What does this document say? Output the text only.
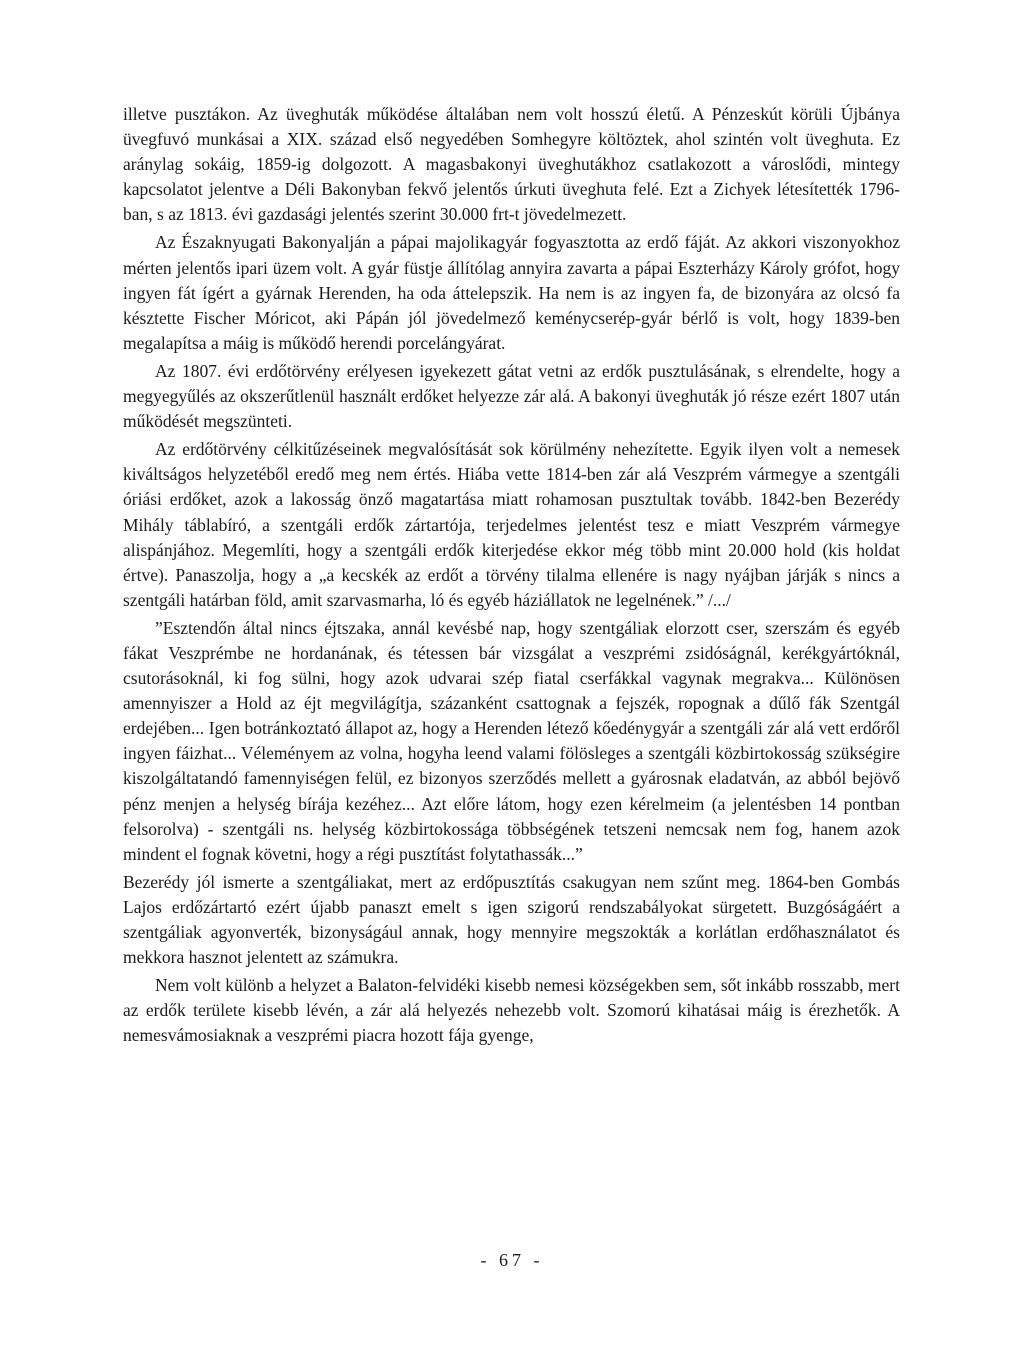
illetve pusztákon. Az üveghuták működése általában nem volt hosszú életű. A Pénzeskút körüli Újbánya üvegfuvó munkásai a XIX. század első negyedében Somhegyre költöztek, ahol szintén volt üveghuta. Ez aránylag sokáig, 1859-ig dolgozott. A magasbakonyi üveghutákhoz csatlakozott a városlődi, mintegy kapcsolatot jelentve a Déli Bakonyban fekvő jelentős úrkuti üveghuta felé. Ezt a Zichyek létesítették 1796-ban, s az 1813. évi gazdasági jelentés szerint 30.000 frt-t jövedelmezett.

Az Északnyugati Bakonyalján a pápai majolikagyár fogyasztotta az erdő fáját. Az akkori viszonyokhoz mérten jelentős ipari üzem volt. A gyár füstje állítólag annyira zavarta a pápai Eszterházy Károly grófot, hogy ingyen fát ígért a gyárnak Herenden, ha oda áttelepszik. Ha nem is az ingyen fa, de bizonyára az olcsó fa késztette Fischer Móricot, aki Pápán jól jövedelmező keménycserép-gyár bérlő is volt, hogy 1839-ben megalapítsa a máig is működő herendi porcelángyárat.

Az 1807. évi erdőtörvény erélyesen igyekezett gátat vetni az erdők pusztulásának, s elrendelte, hogy a megyegyűlés az okszerűtlenül használt erdőket helyezze zár alá. A bakonyi üveghuták jó része ezért 1807 után működését megszünteti.

Az erdőtörvény célkitűzéseinek megvalósítását sok körülmény nehezítette. Egyik ilyen volt a nemesek kiváltságos helyzetéből eredő meg nem értés. Hiába vette 1814-ben zár alá Veszprém vármegye a szentgáli óriási erdőket, azok a lakosság önző magatartása miatt rohamosan pusztultak tovább. 1842-ben Bezerédy Mihály táblabíró, a szentgáli erdők zártartója, terjedelmes jelentést tesz e miatt Veszprém vármegye alispánjához. Megemlíti, hogy a szentgáli erdők kiterjedése ekkor még több mint 20.000 hold (kis holdat értve). Panaszolja, hogy a „a kecskék az erdőt a törvény tilalma ellenére is nagy nyájban járják s nincs a szentgáli határban föld, amit szarvasmarha, ló és egyéb háziállatok ne legelnének.” /.../

”Esztendőn által nincs éjtszaka, annál kevésbé nap, hogy szentgáliak elorzott cser, szerszám és egyéb fákat Veszprémbe ne hordanának, és tétessen bár vizsgálat a veszprémi zsidóságnál, kerékgyártóknál, csutorásoknál, ki fog sülni, hogy azok udvarai szép fiatal cserfákkal vagynak megrakva... Különösen amennyiszer a Hold az éjt megvilágítja, százanként csattognak a fejszék, ropognak a dűlő fák Szentgál erdejében... Igen botránkoztató állapot az, hogy a Herenden létező kőedénygyár a szentgáli zár alá vett erdőről ingyen fáizhat... Véleményem az volna, hogyha leend valami fölösleges a szentgáli közbirtokosság szükségire kiszolgáltatandó famennyiségen felül, ez bizonyos szerződés mellett a gyárosnak eladatván, az abból bejövő pénz menjen a helység bírája kezéhez... Azt előre látom, hogy ezen kérelmeim (a jelentésben 14 pontban felsorolva) - szentgáli ns. helység közbirtokossága többségének tetszeni nemcsak nem fog, hanem azok mindent el fognak követni, hogy a régi pusztítást folytathassák...”

Bezerédy jól ismerte a szentgáliakat, mert az erdőpusztítás csakugyan nem szűnt meg. 1864-ben Gombás Lajos erdőzártartó ezért újabb panaszt emelt s igen szigorú rendszabályokat sürgetett. Buzgóságáért a szentgáliak agyonverték, bizonyságául annak, hogy mennyire megszokták a korlátlan erdőhasználatot és mekkora hasznot jelentett az számukra.

Nem volt különb a helyzet a Balaton-felvidéki kisebb nemesi községekben sem, sőt inkább rosszabb, mert az erdők területe kisebb lévén, a zár alá helyezés nehezebb volt. Szomorú kihatásai máig is érezhetők. A nemesvámosiaknak a veszprémi piacra hozott fája gyenge,

- 67 -
